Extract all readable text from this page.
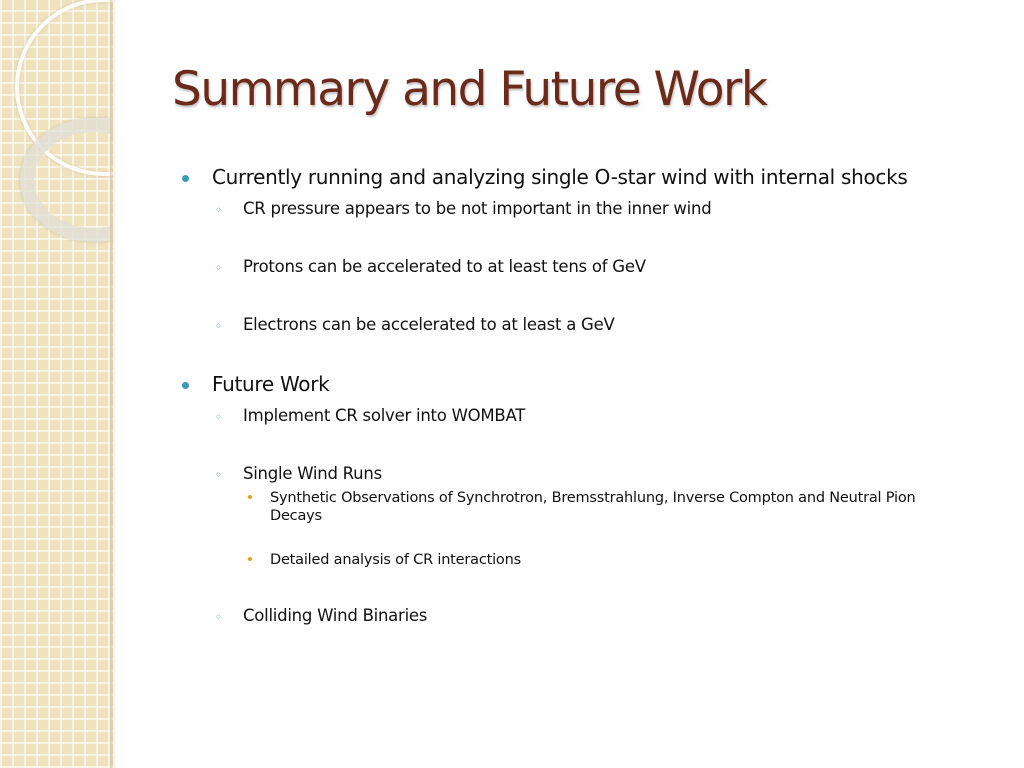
Summary and Future Work
Currently running and analyzing single O-star wind with internal shocks
◦ CR pressure appears to be not important in the inner wind
◦ Protons can be accelerated to at least tens of GeV
◦ Electrons can be accelerated to at least a GeV
Future Work
◦ Implement CR solver into WOMBAT
◦ Single Wind Runs
Synthetic Observations of Synchrotron, Bremsstrahlung, Inverse Compton and Neutral Pion Decays
Detailed analysis of CR interactions
◦ Colliding Wind Binaries
